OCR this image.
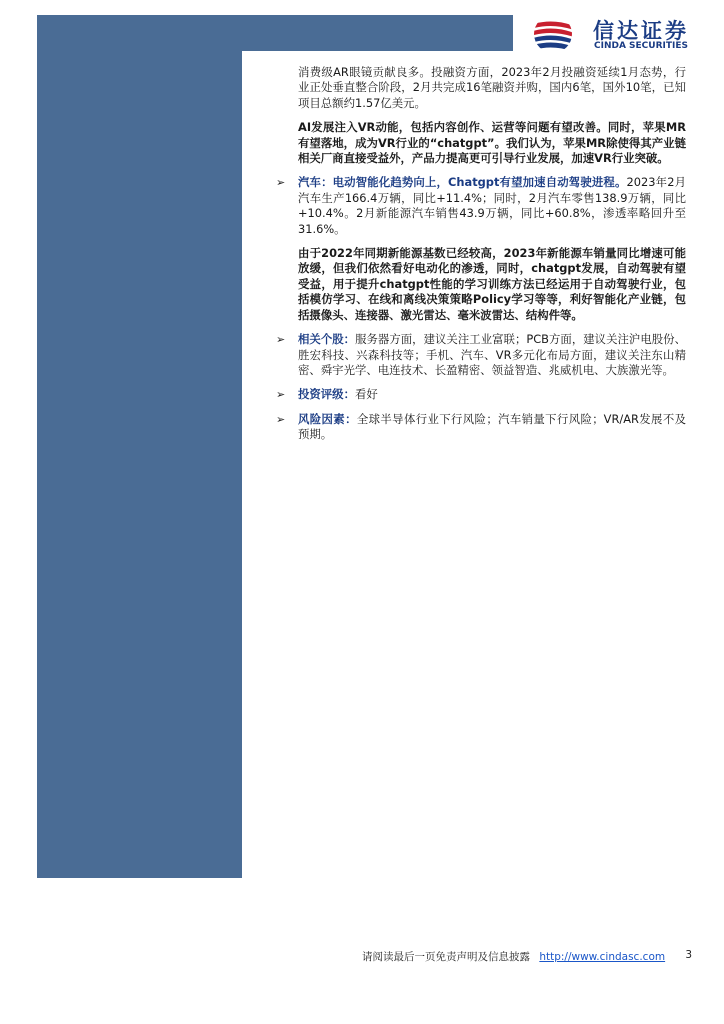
信达证券
CINDA SECURITIES

消费级AR眼镜贡献良多。投融资方面，2023年2月投融资延续1月态势，行业正处垂直整合阶段，2月共完成16笔融资并购，国内6笔，国外10笔，已知项目总额约1.57亿美元。

AI发展注入VR动能，包括内容创作、运营等问题有望改善。同时，苹果MR有望落地，成为VR行业的“chatgpt”。我们认为，苹果MR除使得其产业链相关厂商直接受益外，产品力提高更可引导行业发展，加速VR行业突破。

➢ 汽车：电动智能化趋势向上，Chatgpt有望加速自动驾驶进程。2023年2月汽车生产166.4万辆，同比+11.4%；同时，2月汽车零售138.9万辆，同比+10.4%。2月新能源汽车销售43.9万辆，同比+60.8%，渗透率略回升至31.6%。

由于2022年同期新能源基数已经较高，2023年新能源车销量同比增速可能放缓，但我们依然看好电动化的渗透，同时，chatgpt发展，自动驾驶有望受益，用于提升chatgpt性能的学习训练方法已经运用于自动驾驶行业，包括模仿学习、在线和离线决策策略Policy学习等等，利好智能化产业链，包括摄像头、连接器、激光雷达、毫米波雷达、结构件等。

➢ 相关个股：服务器方面，建议关注工业富联；PCB方面，建议关注沪电股份、胜宏科技、兴森科技等；手机、汽车、VR多元化布局方面，建议关注东山精密、舜宇光学、电连技术、长盈精密、领益智造、兆威机电、大族激光等。
➢ 投资评级：看好
➢ 风险因素：全球半导体行业下行风险；汽车销量下行风险；VR/AR发展不及预期。
请阅读最后一页免责声明及信息披露 http://www.cindasc.com 3
